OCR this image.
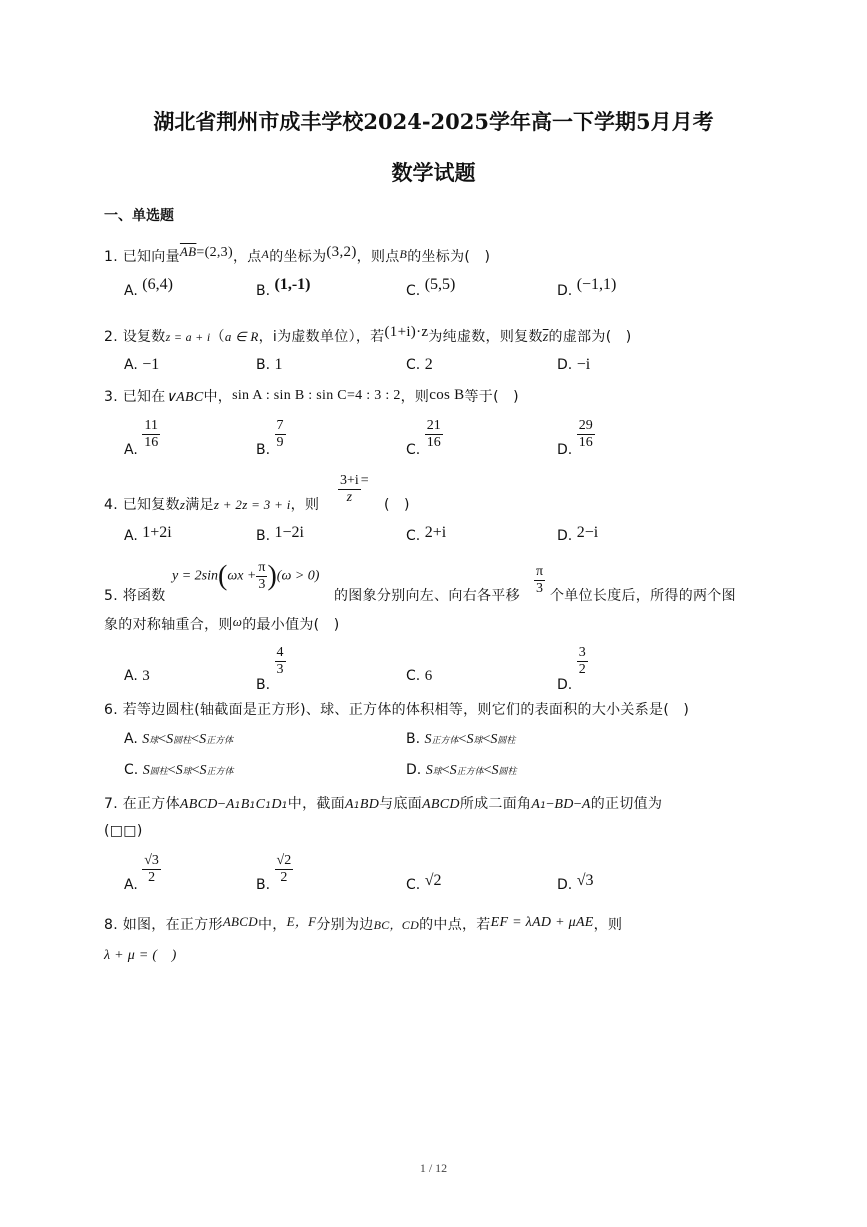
湖北省荆州市成丰学校2024-2025学年高一下学期5月月考
数学试题
一、单选题
1. 已知向量$\overline{AB}=(2,3)$，点A的坐标为(3,2)，则点B的坐标为(　)
A. (6,4)	B. (1,-1)	C. (5,5)	D. (−1,1)
2. 设复数z = a + i（a ∈ R，i为虚数单位），若(1+i)·z为纯虚数，则复数$\overline{z}$的虚部为(　)
A. −1	B. 1	C. 2	D. −i
3. 已知在∨ABC中，sin A : sin B : sin C=4 : 3 : 2，则cos B等于(　)
A. $\frac{11}{16}$	B. $\frac{7}{9}$	C. $\frac{21}{16}$	D. $\frac{29}{16}$
4. 已知复数z满足z + 2z = 3 + i，则 $\frac{3+i}{z}$ =
(　)
A. 1+2i	B. 1−2i	C. 2+i	D. 2−i
5. 将函数
$y = 2\sin(\omega x + \frac{\pi}{3} )(\omega > 0)$
的图象分别向左、向右各平移 $\frac{\pi}{3}$ 个单位长度后，所得的两个图
象的对称轴重合，则ω的最小值为(　)
A. 3
B.
$\frac{4}{3}$	C. 6
D.
$\frac{3}{2}$
6. 若等边圆柱(轴截面是正方形)、球、正方体的体积相等，则它们的表面积的大小关系是(　)
A. S球<S圆柱<S正方体	B. S正方体<S球<S圆柱
C. S圆柱<S球<S正方体	D. S球<S正方体<S圆柱
7. 在正方体ABCD−A1B1C1D1中，截面A1BD与底面ABCD所成二面角A1−BD−A的正切值为
(□□)
A. $\frac{√3}{2}$	B. $\frac{√2}{2}$	C. √2	D. √3
8. 如图，在正方形ABCD中，E，F分别为边BC，CD的中点，若EF = λAD + μAE，则
λ + μ = (　)
1 / 12
